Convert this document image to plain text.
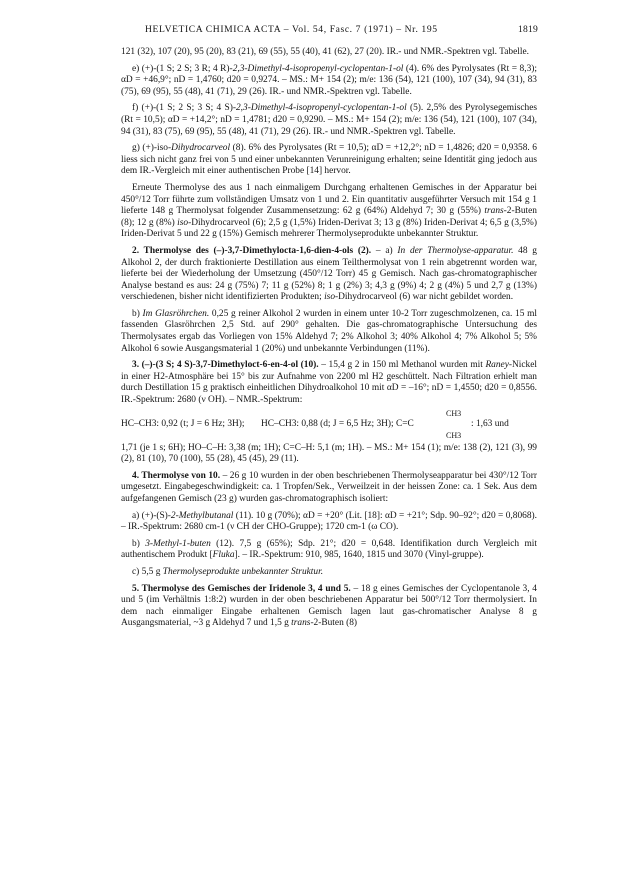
HELVETICA CHIMICA ACTA – Vol. 54, Fasc. 7 (1971) – Nr. 195	1819

121 (32), 107 (20), 95 (20), 83 (21), 69 (55), 55 (40), 41 (62), 27 (20). IR.- und NMR.-Spektren vgl. Tabelle.

e) (+)-(1 S; 2 S; 3 R; 4 R)-2,3-Dimethyl-4-isopropenyl-cyclopentan-1-ol (4). 6% des Pyrolysates (Rt = 8,3); αD = +46,9°; nD = 1,4760; d20 = 0,9274. – MS.: M+ 154 (2); m/e: 136 (54), 121 (100), 107 (34), 94 (31), 83 (75), 69 (95), 55 (48), 41 (71), 29 (26). IR.- und NMR.-Spektren vgl. Tabelle.

f) (+)-(1 S; 2 S; 3 S; 4 S)-2,3-Dimethyl-4-isopropenyl-cyclopentan-1-ol (5). 2,5% des Pyrolysegemisches (Rt = 10,5); αD = +14,2°; nD = 1,4781; d20 = 0,9290. – MS.: M+ 154 (2); m/e: 136 (54), 121 (100), 107 (34), 94 (31), 83 (75), 69 (95), 55 (48), 41 (71), 29 (26). IR.- und NMR.-Spektren vgl. Tabelle.

g) (+)-iso-Dihydrocarveol (8). 6% des Pyrolysates (Rt = 10,5); αD = +12,2°; nD = 1,4826; d20 = 0,9358. 6 liess sich nicht ganz frei von 5 und einer unbekannten Verunreinigung erhalten; seine Identität ging jedoch aus dem IR.-Vergleich mit einer authentischen Probe [14] hervor.

Erneute Thermolyse des aus 1 nach einmaligem Durchgang erhaltenen Gemisches in der Apparatur bei 450°/12 Torr führte zum vollständigen Umsatz von 1 und 2. Ein quantitativ ausgeführter Versuch mit 154 g 1 lieferte 148 g Thermolysat folgender Zusammensetzung: 62 g (64%) Aldehyd 7; 30 g (55%) trans-2-Buten (8); 12 g (8%) iso-Dihydrocarveol (6); 2,5 g (1,5%) Iriden-Derivat 3; 13 g (8%) Iriden-Derivat 4; 6,5 g (3,5%) Iriden-Derivat 5 und 22 g (15%) Gemisch mehrerer Thermolyseprodukte unbekannter Struktur.

2. Thermolyse des (–)-3,7-Dimethylocta-1,6-dien-4-ols (2). – a) In der Thermolyse-apparatur. 48 g Alkohol 2, der durch fraktionierte Destillation aus einem Teilthermolysat von 1 rein abgetrennt worden war, lieferte bei der Wiederholung der Umsetzung (450°/12 Torr) 45 g Gemisch. Nach gas-chromatographischer Analyse bestand es aus: 24 g (75%) 7; 11 g (52%) 8; 1 g (2%) 3; 4,3 g (9%) 4; 2 g (4%) 5 und 2,7 g (13%) verschiedenen, bisher nicht identifizierten Produkten; iso-Dihydrocarveol (6) war nicht gebildet worden.

b) Im Glasröhrchen. 0,25 g reiner Alkohol 2 wurden in einem unter 10-2 Torr zugeschmolzenen, ca. 15 ml fassenden Glasröhrchen 2,5 Std. auf 290° gehalten. Die gas-chromatographische Untersuchung des Thermolysates ergab das Vorliegen von 15% Aldehyd 7; 2% Alkohol 3; 40% Alkohol 4; 7% Alkohol 5; 5% Alkohol 6 sowie Ausgangsmaterial 1 (20%) und unbekannte Verbindungen (11%).

3. (–)-(3 S; 4 S)-3,7-Dimethyloct-6-en-4-ol (10). – 15,4 g 2 in 150 ml Methanol wurden mit Raney-Nickel in einer H2-Atmosphäre bei 15° bis zur Aufnahme von 2200 ml H2 geschüttelt. Nach Filtration erhielt man durch Destillation 15 g praktisch einheitlichen Dihydroalkohol 10 mit αD = –16°; nD = 1,4550; d20 = 0,8556. IR.-Spektrum: 2680 (ν OH). – NMR.-Spektrum:

HC–CH3: 0,92 (t; J = 6 Hz; 3H); HC–CH3: 0,88 (d; J = 6,5 Hz; 3H); C=C
CH3
CH3
: 1,63 und

1,71 (je 1 s; 6H); HO–C–H: 3,38 (m; 1H); C=C–H: 5,1 (m; 1H). – MS.: M+ 154 (1); m/e: 138 (2), 121 (3), 99 (2), 81 (10), 70 (100), 55 (28), 45 (45), 29 (11).

4. Thermolyse von 10. – 26 g 10 wurden in der oben beschriebenen Thermolyseapparatur bei 430°/12 Torr umgesetzt. Eingabegeschwindigkeit: ca. 1 Tropfen/Sek., Verweilzeit in der heissen Zone: ca. 1 Sek. Aus dem aufgefangenen Gemisch (23 g) wurden gas-chromatographisch isoliert:

a) (+)-(S)-2-Methylbutanal (11). 10 g (70%); αD = +20° (Lit. [18]: αD = +21°; Sdp. 90–92°; d20 = 0,8068). – IR.-Spektrum: 2680 cm-1 (ν CH der CHO-Gruppe); 1720 cm-1 (ω CO).

b) 3-Methyl-1-buten (12). 7,5 g (65%); Sdp. 21°; d20 = 0,648. Identifikation durch Vergleich mit authentischem Produkt [Fluka]. – IR.-Spektrum: 910, 985, 1640, 1815 und 3070 (Vinyl-gruppe).

c) 5,5 g Thermolyseprodukte unbekannter Struktur.

5. Thermolyse des Gemisches der Iridenole 3, 4 und 5. – 18 g eines Gemisches der Cyclopentanole 3, 4 und 5 (im Verhältnis 1:8:2) wurden in der oben beschriebenen Apparatur bei 500°/12 Torr thermolysiert. In dem nach einmaliger Eingabe erhaltenen Gemisch lagen laut gas-chromatischer Analyse 8 g Ausgangsmaterial, ~3 g Aldehyd 7 und 1,5 g trans-2-Buten (8)
